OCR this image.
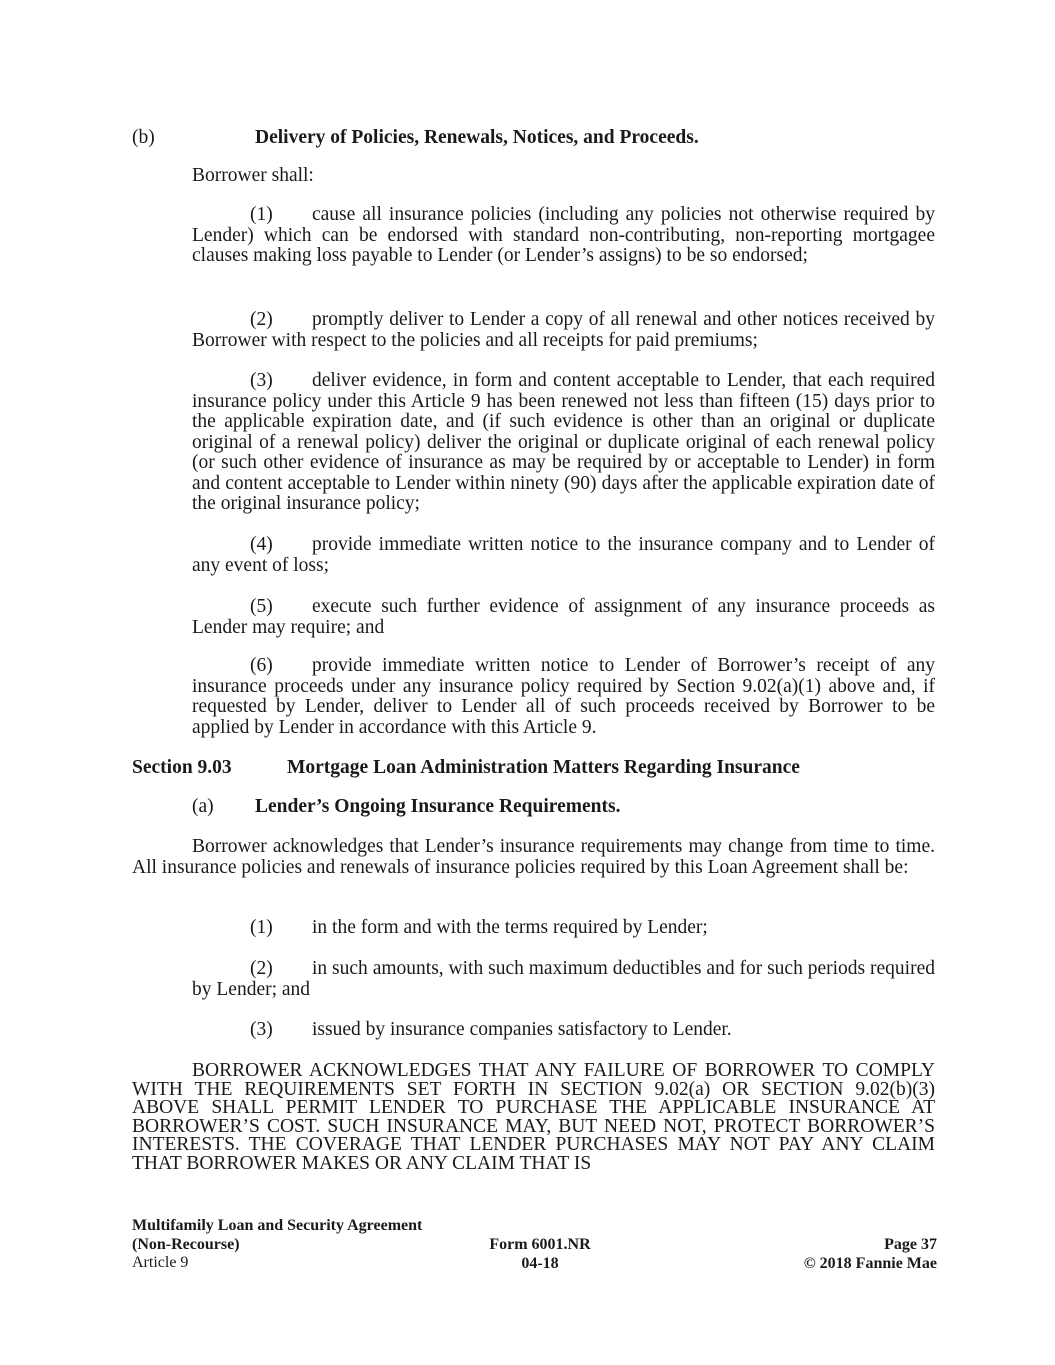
(b)	Delivery of Policies, Renewals, Notices, and Proceeds.
Borrower shall:
(1) cause all insurance policies (including any policies not otherwise required by Lender) which can be endorsed with standard non-contributing, non-reporting mortgagee clauses making loss payable to Lender (or Lender’s assigns) to be so endorsed;
(2) promptly deliver to Lender a copy of all renewal and other notices received by Borrower with respect to the policies and all receipts for paid premiums;
(3) deliver evidence, in form and content acceptable to Lender, that each required insurance policy under this Article 9 has been renewed not less than fifteen (15) days prior to the applicable expiration date, and (if such evidence is other than an original or duplicate original of a renewal policy) deliver the original or duplicate original of each renewal policy (or such other evidence of insurance as may be required by or acceptable to Lender) in form and content acceptable to Lender within ninety (90) days after the applicable expiration date of the original insurance policy;
(4) provide immediate written notice to the insurance company and to Lender of any event of loss;
(5) execute such further evidence of assignment of any insurance proceeds as Lender may require; and
(6) provide immediate written notice to Lender of Borrower’s receipt of any insurance proceeds under any insurance policy required by Section 9.02(a)(1) above and, if requested by Lender, deliver to Lender all of such proceeds received by Borrower to be applied by Lender in accordance with this Article 9.
Section 9.03	Mortgage Loan Administration Matters Regarding Insurance
(a) Lender’s Ongoing Insurance Requirements.
Borrower acknowledges that Lender’s insurance requirements may change from time to time. All insurance policies and renewals of insurance policies required by this Loan Agreement shall be:
(1) in the form and with the terms required by Lender;
(2) in such amounts, with such maximum deductibles and for such periods required by Lender; and
(3) issued by insurance companies satisfactory to Lender.
BORROWER ACKNOWLEDGES THAT ANY FAILURE OF BORROWER TO COMPLY WITH THE REQUIREMENTS SET FORTH IN SECTION 9.02(a) OR SECTION 9.02(b)(3) ABOVE SHALL PERMIT LENDER TO PURCHASE THE APPLICABLE INSURANCE AT BORROWER’S COST. SUCH INSURANCE MAY, BUT NEED NOT, PROTECT BORROWER’S INTERESTS. THE COVERAGE THAT LENDER PURCHASES MAY NOT PAY ANY CLAIM THAT BORROWER MAKES OR ANY CLAIM THAT IS
Multifamily Loan and Security Agreement
(Non-Recourse)
Article 9
Form 6001.NR
04-18
Page 37
© 2018 Fannie Mae
